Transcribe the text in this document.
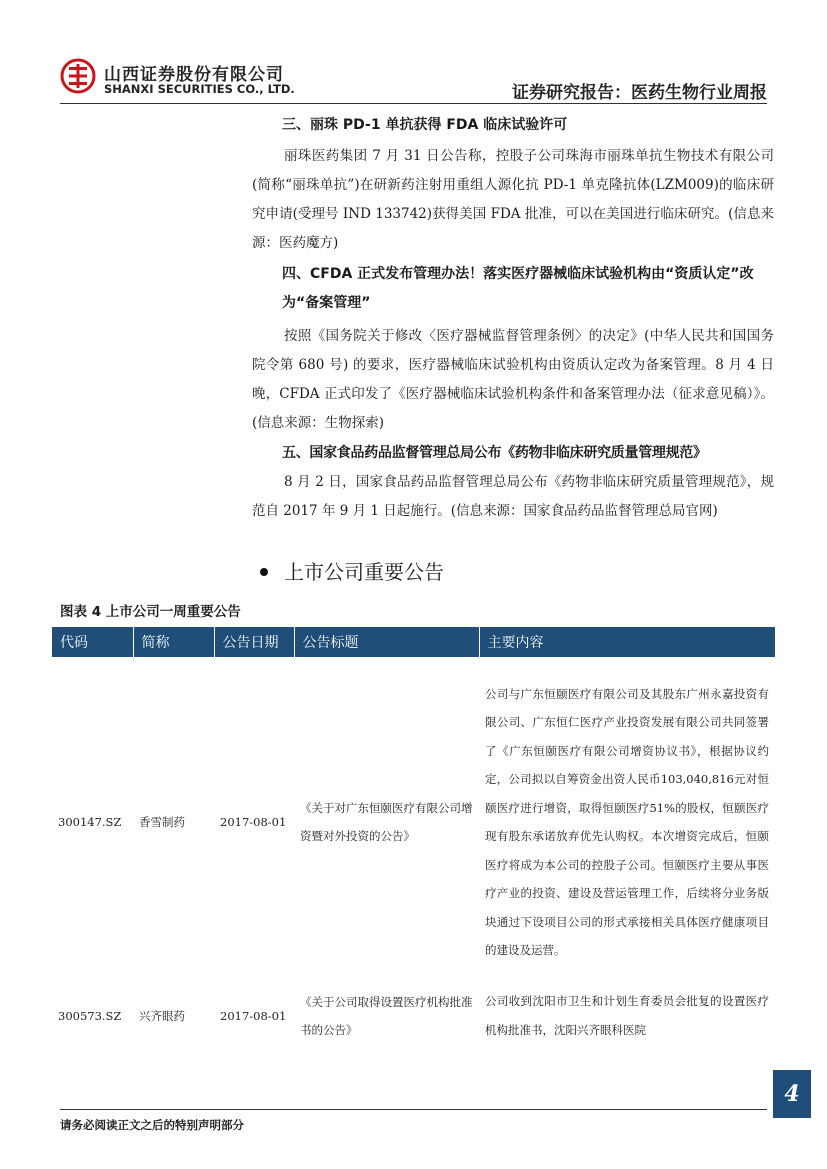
山西证券股份有限公司
SHANXI SECURITIES CO., LTD.	证券研究报告：医药生物行业周报

三、丽珠 PD-1 单抗获得 FDA 临床试验许可

丽珠医药集团 7 月 31 日公告称，控股子公司珠海市丽珠单抗生物技术有限公司(简称“丽珠单抗”)在研新药注射用重组人源化抗 PD-1 单克隆抗体(LZM009)的临床研究申请(受理号 IND 133742)获得美国 FDA 批准，可以在美国进行临床研究。(信息来源：医药魔方)

四、CFDA 正式发布管理办法！落实医疗器械临床试验机构由“资质认定”改为“备案管理”

按照《国务院关于修改〈医疗器械监督管理条例〉的决定》(中华人民共和国国务院令第 680 号) 的要求，医疗器械临床试验机构由资质认定改为备案管理。8 月 4 日晚，CFDA 正式印发了《医疗器械临床试验机构条件和备案管理办法（征求意见稿）》。(信息来源：生物探索)

五、国家食品药品监督管理总局公布《药物非临床研究质量管理规范》

8 月 2 日，国家食品药品监督管理总局公布《药物非临床研究质量管理规范》，规范自 2017 年 9 月 1 日起施行。(信息来源：国家食品药品监督管理总局官网)

上市公司重要公告
图表 4 上市公司一周重要公告
代码	简称	公告日期	公告标题	主要内容
300147.SZ	香雪制药	2017-08-01	《关于对广东恒颐医疗有限公司增资暨对外投资的公告》	公司与广东恒颐医疗有限公司及其股东广州永嘉投资有限公司、广东恒仁医疗产业投资发展有限公司共同签署了《广东恒颐医疗有限公司增资协议书》，根据协议约定，公司拟以自筹资金出资人民币103,040,816元对恒颐医疗进行增资，取得恒颐医疗51%的股权，恒颐医疗现有股东承诺放弃优先认购权。本次增资完成后，恒颐医疗将成为本公司的控股子公司。恒颐医疗主要从事医疗产业的投资、建设及营运管理工作，后续将分业务版块通过下设项目公司的形式承接相关具体医疗健康项目的建设及运营。
300573.SZ	兴齐眼药	2017-08-01	《关于公司取得设置医疗机构批准书的公告》	公司收到沈阳市卫生和计划生育委员会批复的设置医疗机构批准书，沈阳兴齐眼科医院
请务必阅读正文之后的特别声明部分
4
